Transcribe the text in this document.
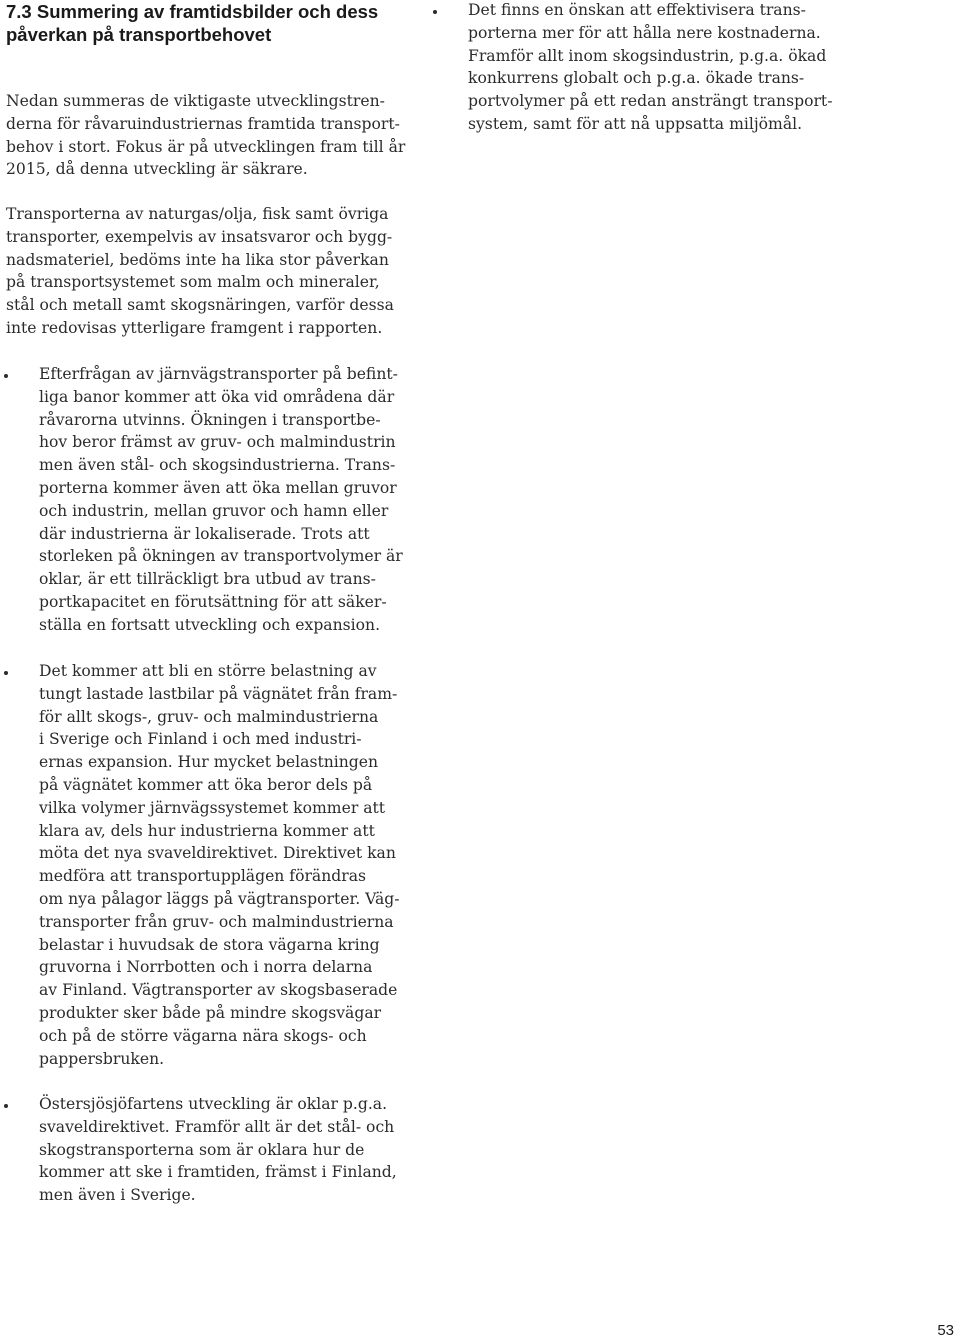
7.3 Summering av framtidsbilder och dess påverkan på transportbehovet

Nedan summeras de viktigaste utvecklingstren-
derna för råvaruindustriernas framtida transport-
behov i stort. Fokus är på utvecklingen fram till år
2015, då denna utveckling är säkrare.

Transporterna av naturgas/olja, fisk samt övriga
transporter, exempelvis av insatsvaror och bygg-
nadsmateriel, bedöms inte ha lika stor påverkan
på transportsystemet som malm och mineraler,
stål och metall samt skogsnäringen, varför dessa
inte redovisas ytterligare framgent i rapporten.

Efterfrågan av järnvägstransporter på befint-
liga banor kommer att öka vid områdena där
råvarorna utvinns. Ökningen i transportbe-
hov beror främst av gruv- och malmindustrin
men även stål- och skogsindustrierna. Trans-
porterna kommer även att öka mellan gruvor
och industrin, mellan gruvor och hamn eller
där industrierna är lokaliserade. Trots att
storleken på ökningen av transportvolymer är
oklar, är ett tillräckligt bra utbud av trans-
portkapacitet en förutsättning för att säker-
ställa en fortsatt utveckling och expansion.

Det kommer att bli en större belastning av
tungt lastade lastbilar på vägnätet från fram-
för allt skogs-, gruv- och malmindustrierna
i Sverige och Finland i och med industri-
ernas expansion. Hur mycket belastningen
på vägnätet kommer att öka beror dels på
vilka volymer järnvägssystemet kommer att
klara av, dels hur industrierna kommer att
möta det nya svaveldirektivet. Direktivet kan
medföra att transportupplägen förändras
om nya pålagor läggs på vägtransporter. Väg-
transporter från gruv- och malmindustrierna
belastar i huvudsak de stora vägarna kring
gruvorna i Norrbotten och i norra delarna
av Finland. Vägtransporter av skogsbaserade
produkter sker både på mindre skogsvägar
och på de större vägarna nära skogs- och
pappersbruken.

Östersjösjöfartens utveckling är oklar p.g.a.
svaveldirektivet. Framför allt är det stål- och
skogstransporterna som är oklara hur de
kommer att ske i framtiden, främst i Finland,
men även i Sverige.

Det finns en önskan att effektivisera trans-
porterna mer för att hålla nere kostnaderna.
Framför allt inom skogsindustrin, p.g.a. ökad
konkurrens globalt och p.g.a. ökade trans-
portvolymer på ett redan ansträngt transport-
system, samt för att nå uppsatta miljömål.

53
